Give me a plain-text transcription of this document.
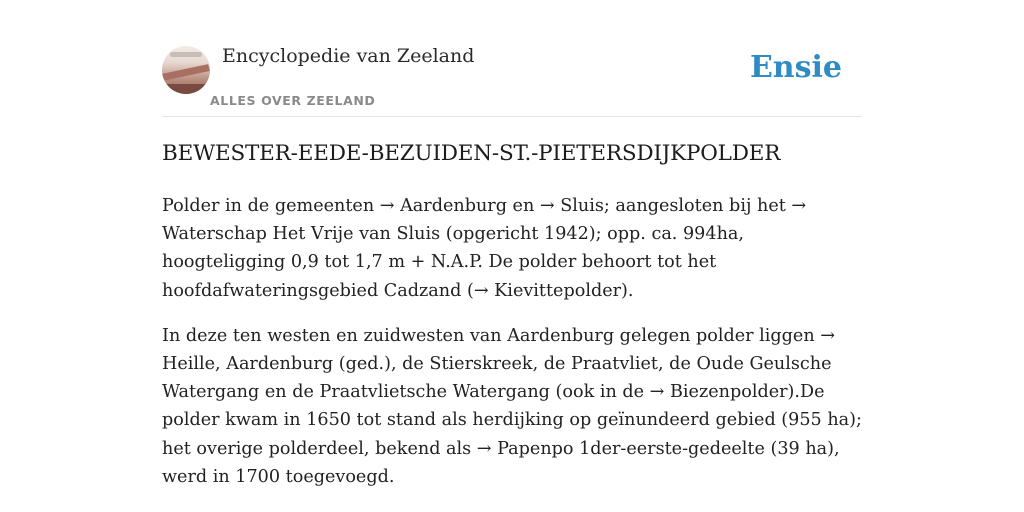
Encyclopedie van Zeeland
ALLES OVER ZEELAND
Ensie
BEWESTER-EEDE-BEZUIDEN-ST.-PIETERSDIJKPOLDER

Polder in de gemeenten → Aardenburg en → Sluis; aangesloten bij het → Waterschap Het Vrije van Sluis (opgericht 1942); opp. ca. 994ha, hoogteligging 0,9 tot 1,7 m + N.A.P. De polder behoort tot het hoofdafwateringsgebied Cadzand (→ Kievittepolder).

In deze ten westen en zuidwesten van Aardenburg gelegen polder liggen → Heille, Aardenburg (ged.), de Stierskreek, de Praatvliet, de Oude Geulsche Watergang en de Praatvlietsche Watergang (ook in de → Biezenpolder).De polder kwam in 1650 tot stand als herdijking op geïnundeerd gebied (955 ha); het overige polderdeel, bekend als → Papenpo 1der-eerste-gedeelte (39 ha), werd in 1700 toegevoegd.
